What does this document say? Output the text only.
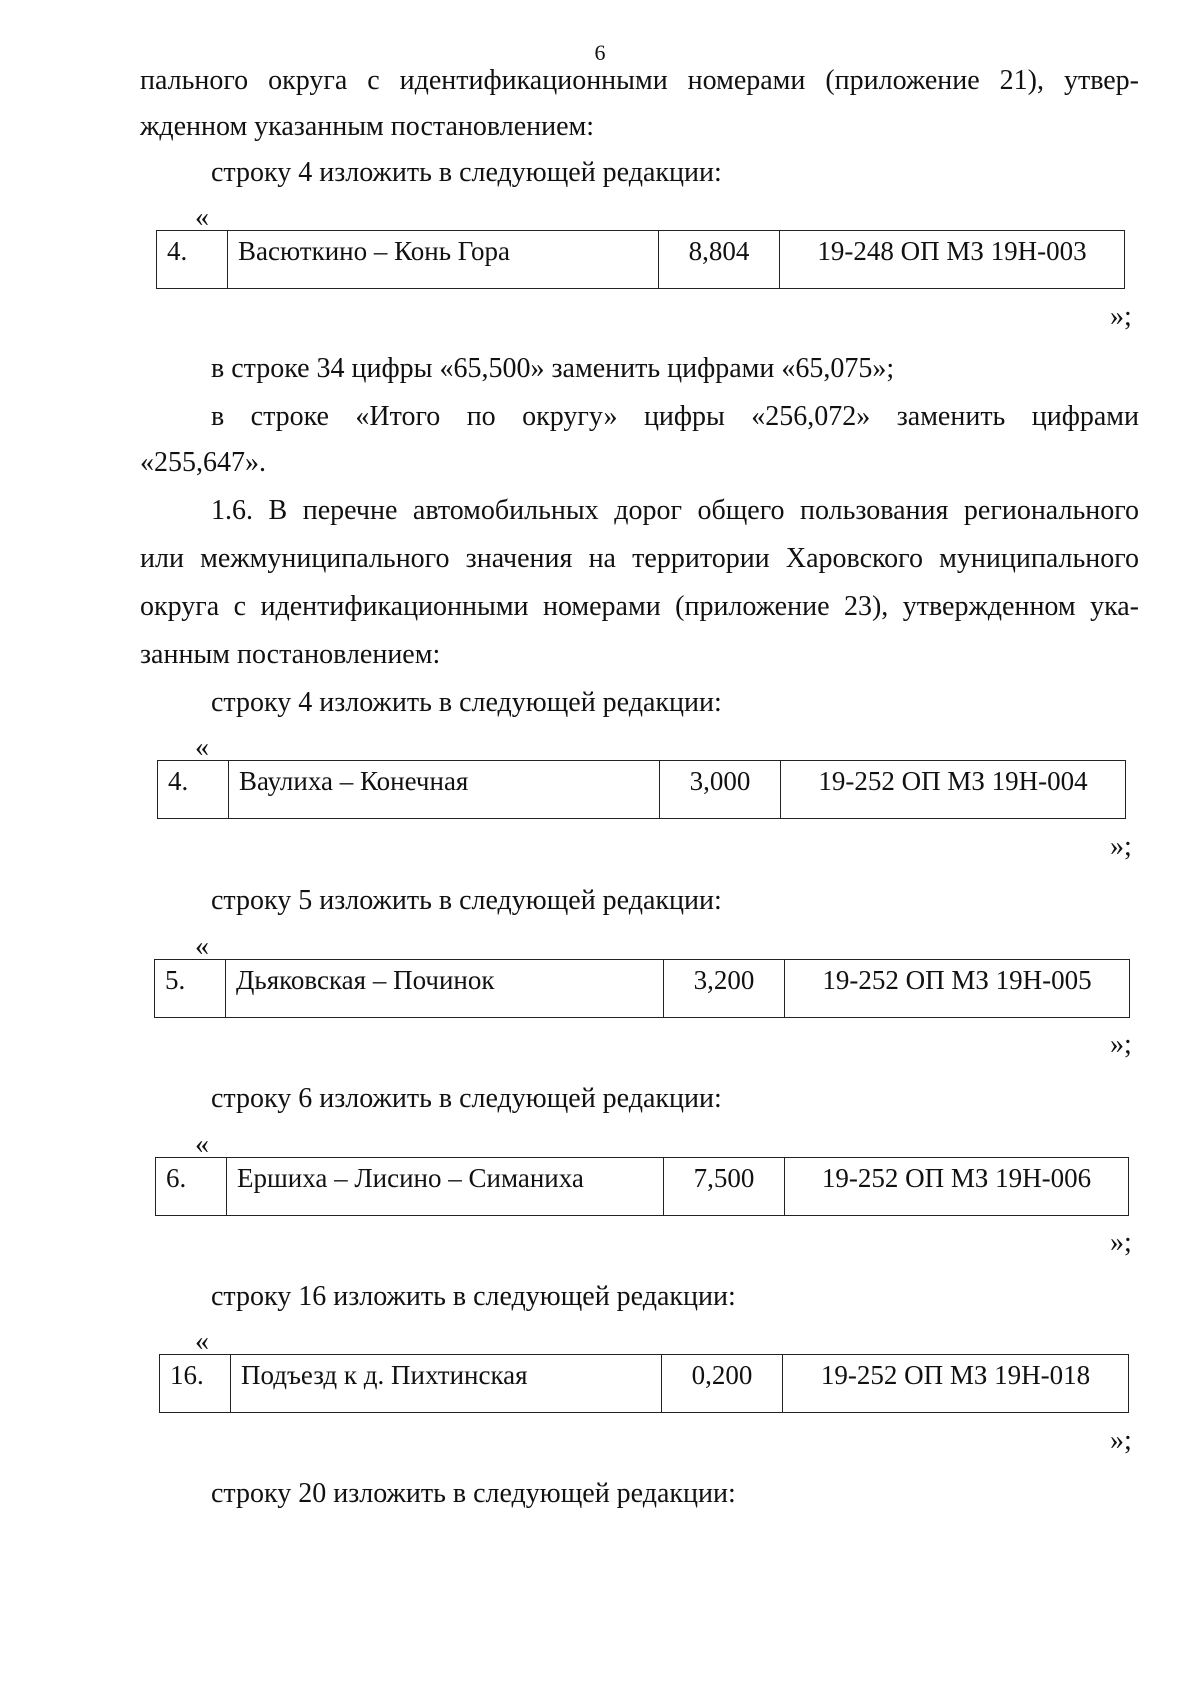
6

пального округа с идентификационными номерами (приложение 21), утвер-

жденном указанным постановлением:

строку 4 изложить в следующей редакции:

«
4.	Васюткино – Конь Гора	8,804	19-248 ОП МЗ 19Н-003
»;

в строке 34 цифры «65,500» заменить цифрами «65,075»;

в строке «Итого по округу» цифры «256,072» заменить цифрами

«255,647».

1.6. В перечне автомобильных дорог общего пользования регионального

или межмуниципального значения на территории Харовского муниципального

округа с идентификационными номерами (приложение 23), утвержденном ука-

занным постановлением:

строку 4 изложить в следующей редакции:

«
4.	Ваулиха – Конечная	3,000	19-252 ОП МЗ 19Н-004
»;

строку 5 изложить в следующей редакции:

«
5.	Дьяковская – Починок	3,200	19-252 ОП МЗ 19Н-005
»;

строку 6 изложить в следующей редакции:

«
6.	Ершиха – Лисино – Симаниха	7,500	19-252 ОП МЗ 19Н-006
»;

строку 16 изложить в следующей редакции:

«
16.	Подъезд к д. Пихтинская	0,200	19-252 ОП МЗ 19Н-018
»;

строку 20 изложить в следующей редакции:
